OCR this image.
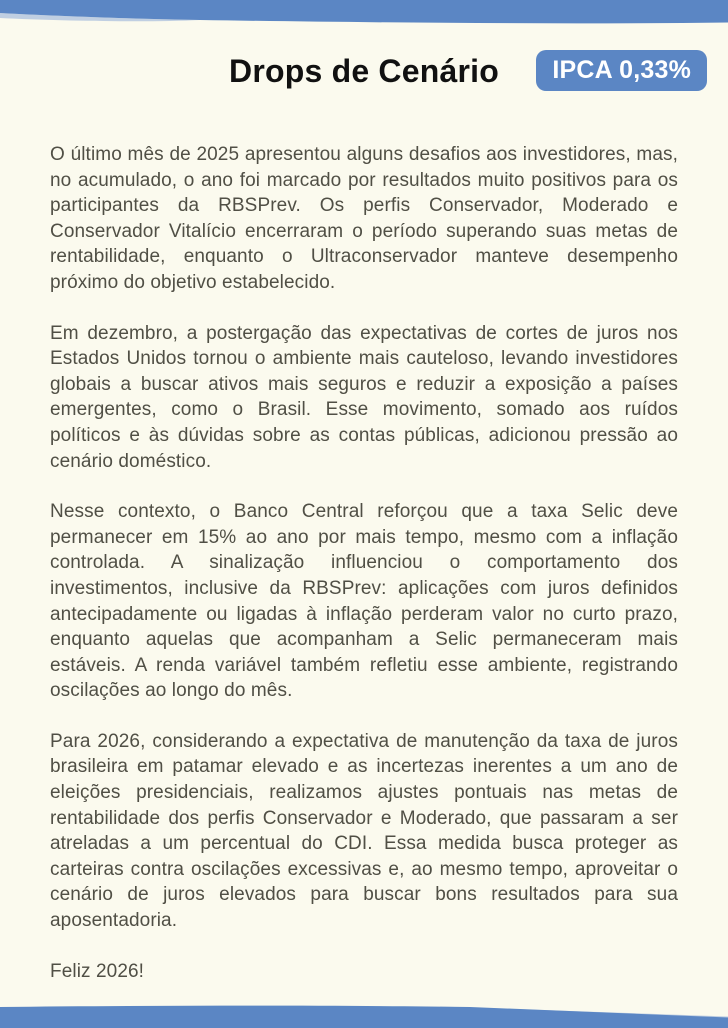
Drops de Cenário	IPCA 0,33%

O último mês de 2025 apresentou alguns desafios aos investidores, mas, no acumulado, o ano foi marcado por resultados muito positivos para os participantes da RBSPrev. Os perfis Conservador, Moderado e Conservador Vitalício encerraram o período superando suas metas de rentabilidade, enquanto o Ultraconservador manteve desempenho próximo do objetivo estabelecido.

Em dezembro, a postergação das expectativas de cortes de juros nos Estados Unidos tornou o ambiente mais cauteloso, levando investidores globais a buscar ativos mais seguros e reduzir a exposição a países emergentes, como o Brasil. Esse movimento, somado aos ruídos políticos e às dúvidas sobre as contas públicas, adicionou pressão ao cenário doméstico.

Nesse contexto, o Banco Central reforçou que a taxa Selic deve permanecer em 15% ao ano por mais tempo, mesmo com a inflação controlada. A sinalização influenciou o comportamento dos investimentos, inclusive da RBSPrev: aplicações com juros definidos antecipadamente ou ligadas à inflação perderam valor no curto prazo, enquanto aquelas que acompanham a Selic permaneceram mais estáveis. A renda variável também refletiu esse ambiente, registrando oscilações ao longo do mês.

Para 2026, considerando a expectativa de manutenção da taxa de juros brasileira em patamar elevado e as incertezas inerentes a um ano de eleições presidenciais, realizamos ajustes pontuais nas metas de rentabilidade dos perfis Conservador e Moderado, que passaram a ser atreladas a um percentual do CDI. Essa medida busca proteger as carteiras contra oscilações excessivas e, ao mesmo tempo, aproveitar o cenário de juros elevados para buscar bons resultados para sua aposentadoria.

Feliz 2026!
